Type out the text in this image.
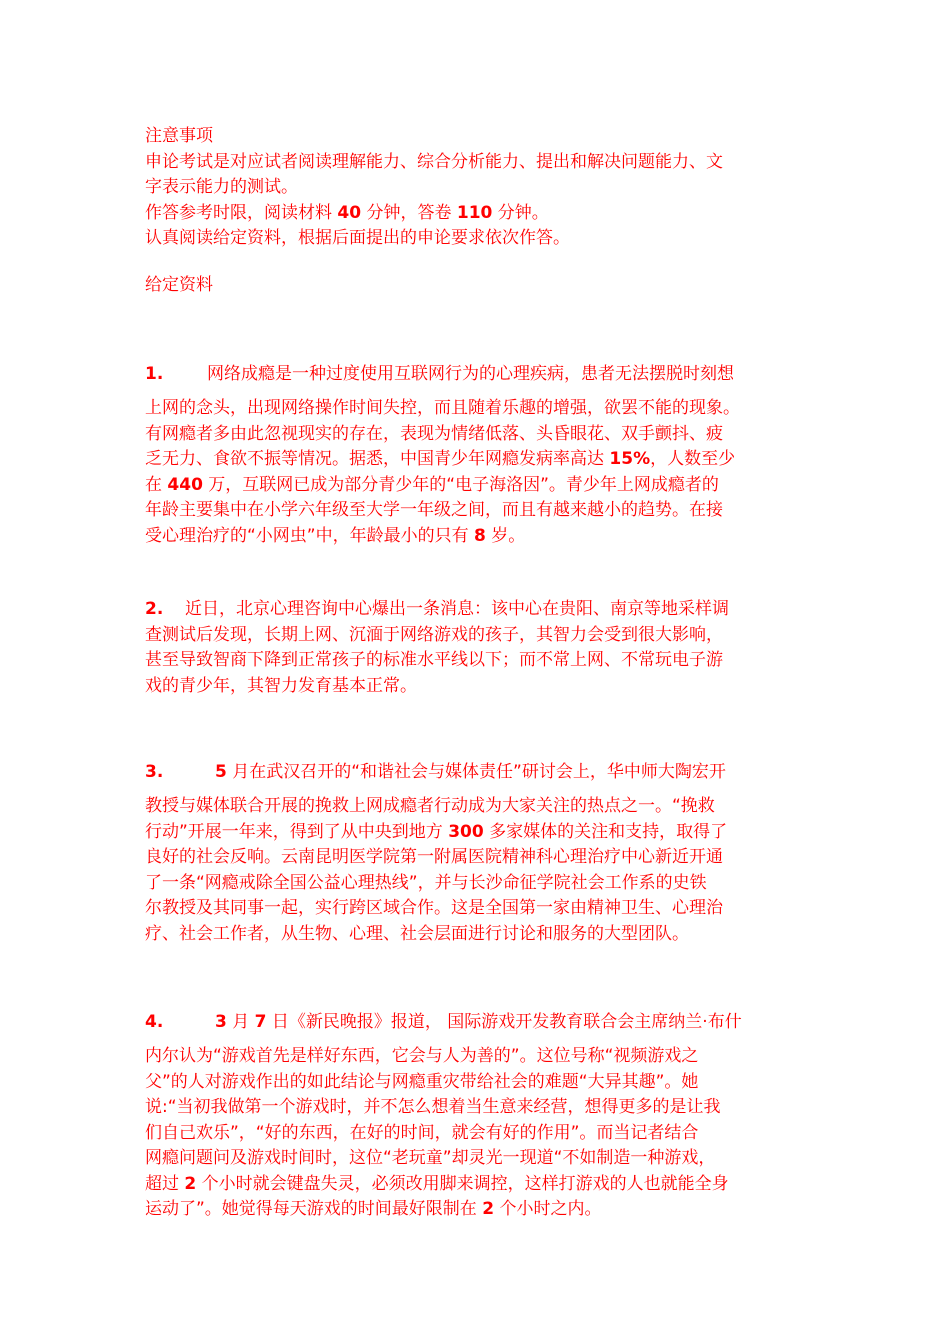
注意事项
申论考试是对应试者阅读理解能力、综合分析能力、提出和解决问题能力、文
字表示能力的测试。
作答参考时限，阅读材料 40 分钟，答卷 110 分钟。
认真阅读给定资料，根据后面提出的申论要求依次作答。
给定资料
1.	网络成瘾是一种过度使用互联网行为的心理疾病，患者无法摆脱时刻想
上网的念头，出现网络操作时间失控，而且随着乐趣的增强，欲罢不能的现象。
有网瘾者多由此忽视现实的存在，表现为情绪低落、头昏眼花、双手颤抖、疲
乏无力、食欲不振等情况。据悉，中国青少年网瘾发病率高达 15%，人数至少
在 440 万，互联网已成为部分青少年的“电子海洛因”。青少年上网成瘾者的
年龄主要集中在小学六年级至大学一年级之间，而且有越来越小的趋势。在接
受心理治疗的“小网虫”中，年龄最小的只有 8 岁。
2. 近日，北京心理咨询中心爆出一条消息：该中心在贵阳、南京等地采样调
查测试后发现，长期上网、沉湎于网络游戏的孩子，其智力会受到很大影响，
甚至导致智商下降到正常孩子的标准水平线以下；而不常上网、不常玩电子游
戏的青少年，其智力发育基本正常。
3.	5 月在武汉召开的“和谐社会与媒体责任”研讨会上，华中师大陶宏开
教授与媒体联合开展的挽救上网成瘾者行动成为大家关注的热点之一。“挽救
行动”开展一年来，得到了从中央到地方 300 多家媒体的关注和支持，取得了
良好的社会反响。云南昆明医学院第一附属医院精神科心理治疗中心新近开通
了一条“网瘾戒除全国公益心理热线”，并与长沙命征学院社会工作系的史铁
尔教授及其同事一起，实行跨区域合作。这是全国第一家由精神卫生、心理治
疗、社会工作者，从生物、心理、社会层面进行讨论和服务的大型团队。
4.	3 月 7 日《新民晚报》报道， 国际游戏开发教育联合会主席纳兰·布什
内尔认为“游戏首先是样好东西，它会与人为善的”。这位号称“视频游戏之
父”的人对游戏作出的如此结论与网瘾重灾带给社会的难题“大异其趣”。她
说:“当初我做第一个游戏时，并不怎么想着当生意来经营，想得更多的是让我
们自己欢乐”，“好的东西，在好的时间，就会有好的作用”。而当记者结合
网瘾问题问及游戏时间时，这位“老玩童”却灵光一现道“不如制造一种游戏，
超过 2 个小时就会键盘失灵，必须改用脚来调控，这样打游戏的人也就能全身
运动了”。她觉得每天游戏的时间最好限制在 2 个小时之内。
